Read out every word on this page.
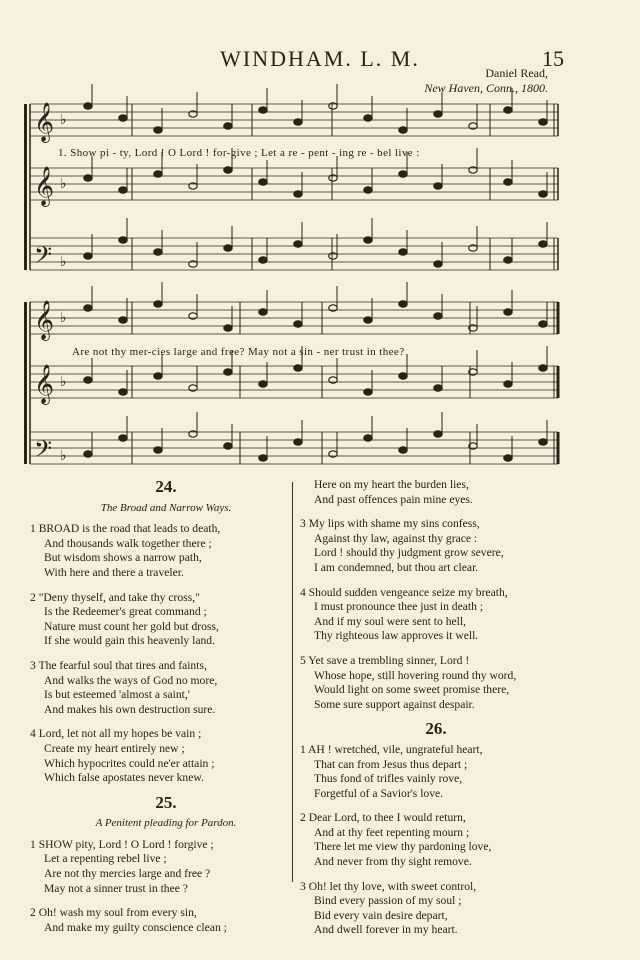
WINDHAM. L. M.	15
Daniel Read,
New Haven, Conn., 1800.
𝄞 ♭
𝄞 ♭
𝄢 ♭
𝄞 ♭
𝄞 ♭
𝄢 ♭
1. Show pi - ty, Lord ! O Lord ! for-give ; Let a re - pent - ing re - bel live :
Are not thy mer-cies large and free? May not a sin - ner trust in thee?
24.
The Broad and Narrow Ways.
1 BROAD is the road that leads to death,
And thousands walk together there ;
But wisdom shows a narrow path,
With here and there a traveler.
2 "Deny thyself, and take thy cross,"
Is the Redeemer's great command ;
Nature must count her gold but dross,
If she would gain this heavenly land.
3 The fearful soul that tires and faints,
And walks the ways of God no more,
Is but esteemed 'almost a saint,'
And makes his own destruction sure.
4 Lord, let not all my hopes be vain ;
Create my heart entirely new ;
Which hypocrites could ne'er attain ;
Which false apostates never knew.
25.
A Penitent pleading for Pardon.
1 SHOW pity, Lord ! O Lord ! forgive ;
Let a repenting rebel live ;
Are not thy mercies large and free ?
May not a sinner trust in thee ?
2 Oh! wash my soul from every sin,
And make my guilty conscience clean ;
Here on my heart the burden lies,
And past offences pain mine eyes.
3 My lips with shame my sins confess,
Against thy law, against thy grace :
Lord ! should thy judgment grow severe,
I am condemned, but thou art clear.
4 Should sudden vengeance seize my breath,
I must pronounce thee just in death ;
And if my soul were sent to hell,
Thy righteous law approves it well.
5 Yet save a trembling sinner, Lord !
Whose hope, still hovering round thy word,
Would light on some sweet promise there,
Some sure support against despair.
26.
1 AH ! wretched, vile, ungrateful heart,
That can from Jesus thus depart ;
Thus fond of trifles vainly rove,
Forgetful of a Savior's love.
2 Dear Lord, to thee I would return,
And at thy feet repenting mourn ;
There let me view thy pardoning love,
And never from thy sight remove.
3 Oh! let thy love, with sweet control,
Bind every passion of my soul ;
Bid every vain desire depart,
And dwell forever in my heart.
